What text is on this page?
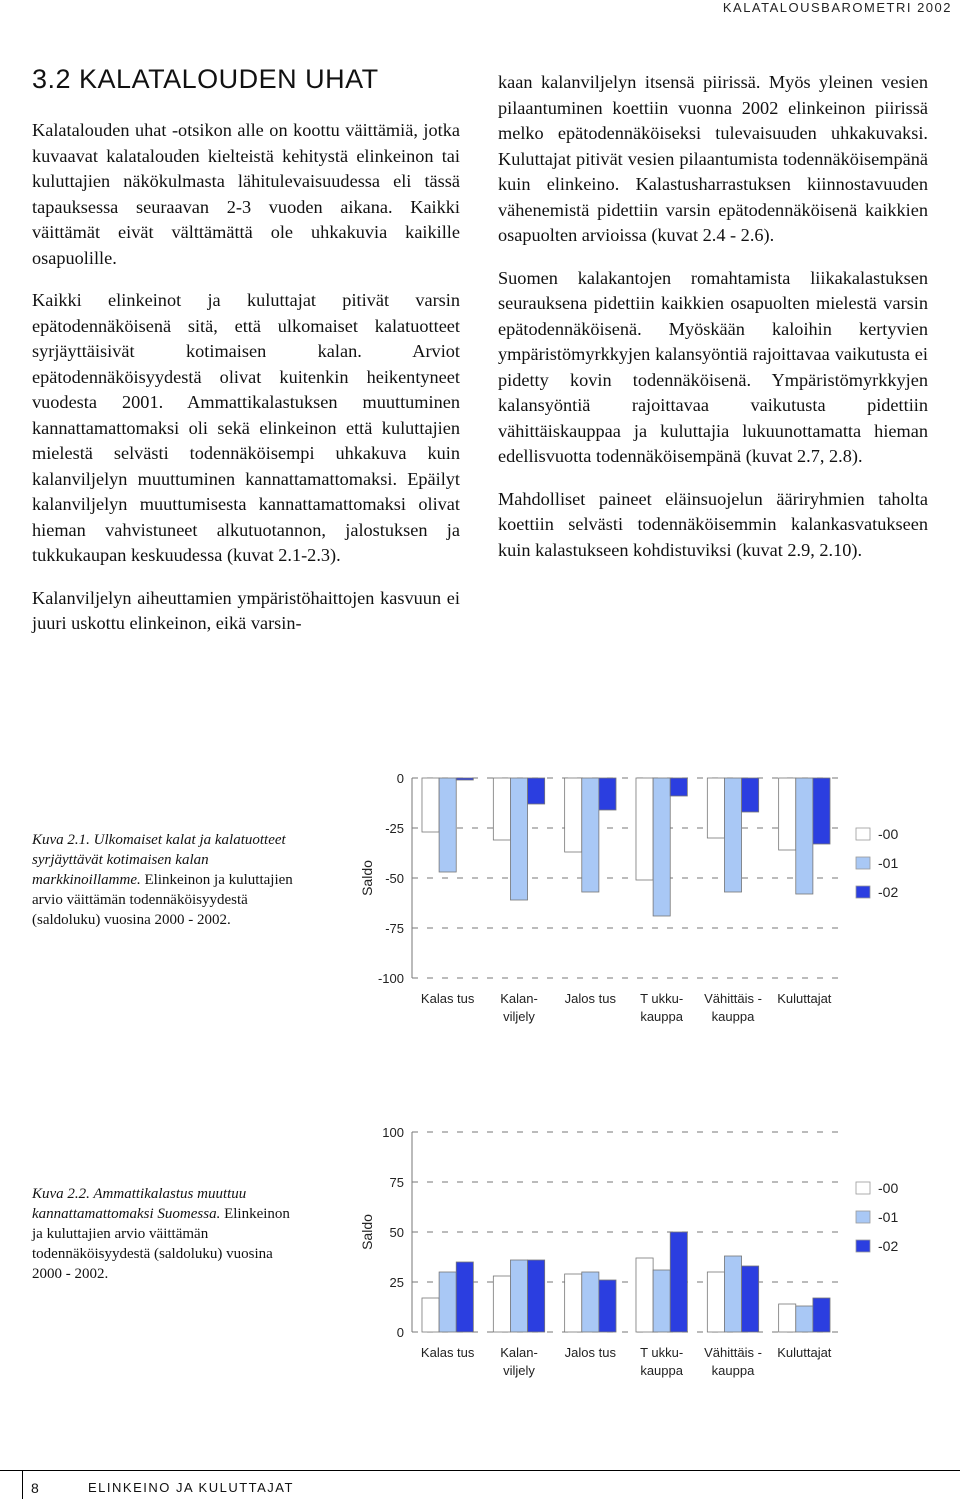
KALATALOUSBAROMETRI 2002
3.2 KALATALOUDEN UHAT

Kalatalouden uhat -otsikon alle on koottu väittämiä, jotka kuvaavat kalatalouden kielteistä kehitystä elinkeinon tai kuluttajien näkökulmasta lähitulevaisuudessa eli tässä tapauksessa seuraavan 2-3 vuoden aikana. Kaikki väittämät eivät välttämättä ole uhkakuvia kaikille osapuolille.

Kaikki elinkeinot ja kuluttajat pitivät varsin epätodennäköisenä sitä, että ulkomaiset kalatuotteet syrjäyttäisivät kotimaisen kalan. Arviot epätodennäköisyydestä olivat kuitenkin heikentyneet vuodesta 2001. Ammattikalastuksen muuttuminen kannattamattomaksi oli sekä elinkeinon että kuluttajien mielestä selvästi todennäköisempi uhkakuva kuin kalanviljelyn muuttuminen kannattamattomaksi. Epäilyt kalanviljelyn muuttumisesta kannattamattomaksi olivat hieman vahvistuneet alkutuotannon, jalostuksen ja tukkukaupan keskuudessa (kuvat 2.1-2.3).

Kalanviljelyn aiheuttamien ympäristöhaittojen kasvuun ei juuri uskottu elinkeinon, eikä varsin-

kaan kalanviljelyn itsensä piirissä. Myös yleinen vesien pilaantuminen koettiin vuonna 2002 elinkeinon piirissä melko epätodennäköiseksi tulevaisuuden uhkakuvaksi. Kuluttajat pitivät vesien pilaantumista todennäköisempänä kuin elinkeino. Kalastusharrastuksen kiinnostavuuden vähenemistä pidettiin varsin epätodennäköisenä kaikkien osapuolten arvioissa (kuvat 2.4 - 2.6).

Suomen kalakantojen romahtamista liikakalastuksen seurauksena pidettiin kaikkien osapuolten mielestä varsin epätodennäköisenä. Myöskään kaloihin kertyvien ympäristömyrkkyjen kalansyöntiä rajoittavaa vaikutusta ei pidetty kovin todennäköisenä. Ympäristömyrkkyjen kalansyöntiä rajoittavaa vaikutusta pidettiin vähittäiskauppaa ja kuluttajia lukuunottamatta hieman edellisvuotta todennäköisempänä (kuvat 2.7, 2.8).

Mahdolliset paineet eläinsuojelun ääriryhmien taholta koettiin selvästi todennäköisemmin kalankasvatukseen kuin kalastukseen kohdistuviksi (kuvat 2.9, 2.10).

Kuva 2.1. Ulkomaiset kalat ja kalatuotteet syrjäyttävät kotimaisen kalan markkinoillamme. Elinkeinon ja kuluttajien arvio väittämän todennäköisyydestä (saldoluku) vuosina 2000 - 2002.
0
-25
-50
-75
-100
Saldo
Kalas tus Kalan-
viljely
Jalos tus T ukku-
kauppa
Vähittäis -
kauppa
Kuluttajat
-00
-01
-02
Kuva 2.2. Ammattikalastus muuttuu kannattamattomaksi Suomessa. Elinkeinon ja kuluttajien arvio väittämän todennäköisyydestä (saldoluku) vuosina 2000 - 2002.
100
75
50
25
0
Saldo
Kalas tus Kalan-
viljely
Jalos tus T ukku-
kauppa
Vähittäis -
kauppa
Kuluttajat
-00
-01
-02
8	ELINKEINO JA KULUTTAJAT
